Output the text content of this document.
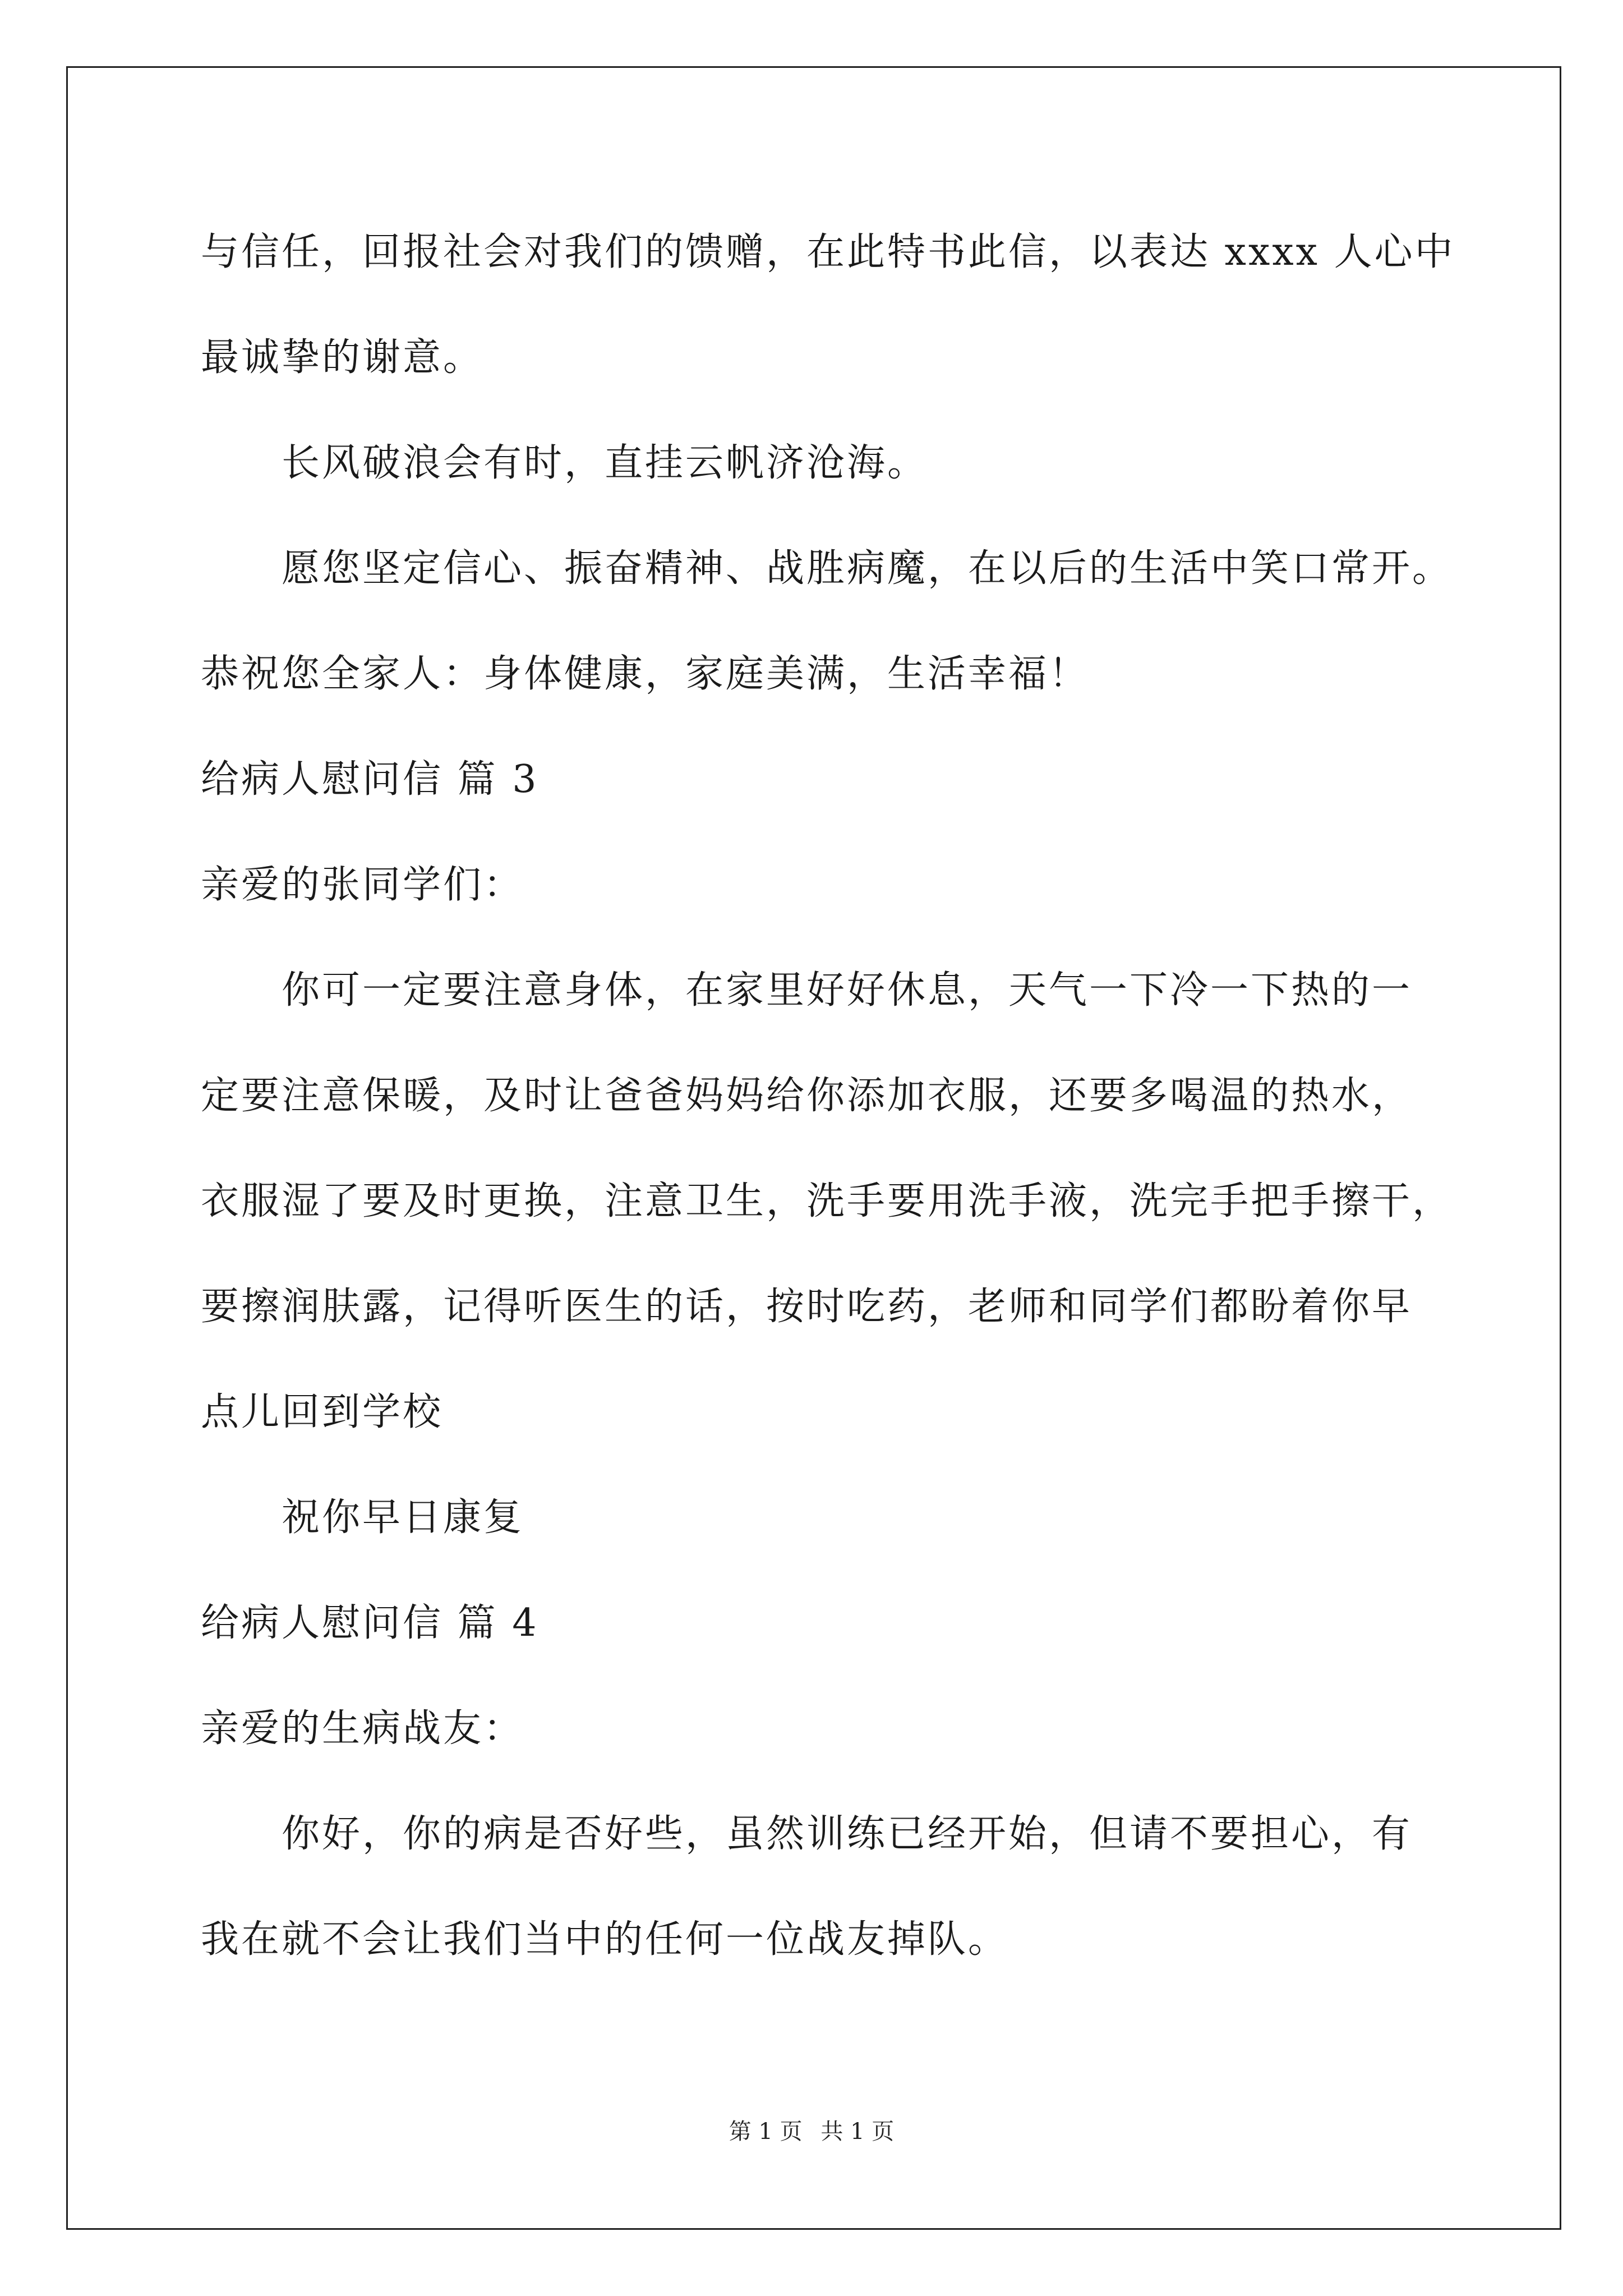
与信任，回报社会对我们的馈赠，在此特书此信，以表达 xxxx 人心中
最诚挚的谢意。
长风破浪会有时，直挂云帆济沧海。
愿您坚定信心、振奋精神、战胜病魔，在以后的生活中笑口常开。
恭祝您全家人：身体健康，家庭美满，生活幸福！
给病人慰问信 篇 3
亲爱的张同学们：
你可一定要注意身体，在家里好好休息，天气一下冷一下热的一
定要注意保暖，及时让爸爸妈妈给你添加衣服，还要多喝温的热水，
衣服湿了要及时更换，注意卫生，洗手要用洗手液，洗完手把手擦干，
要擦润肤露，记得听医生的话，按时吃药，老师和同学们都盼着你早
点儿回到学校
祝你早日康复
给病人慰问信 篇 4
亲爱的生病战友：
你好，你的病是否好些，虽然训练已经开始，但请不要担心，有
我在就不会让我们当中的任何一位战友掉队。
第 1 页 共 1 页
